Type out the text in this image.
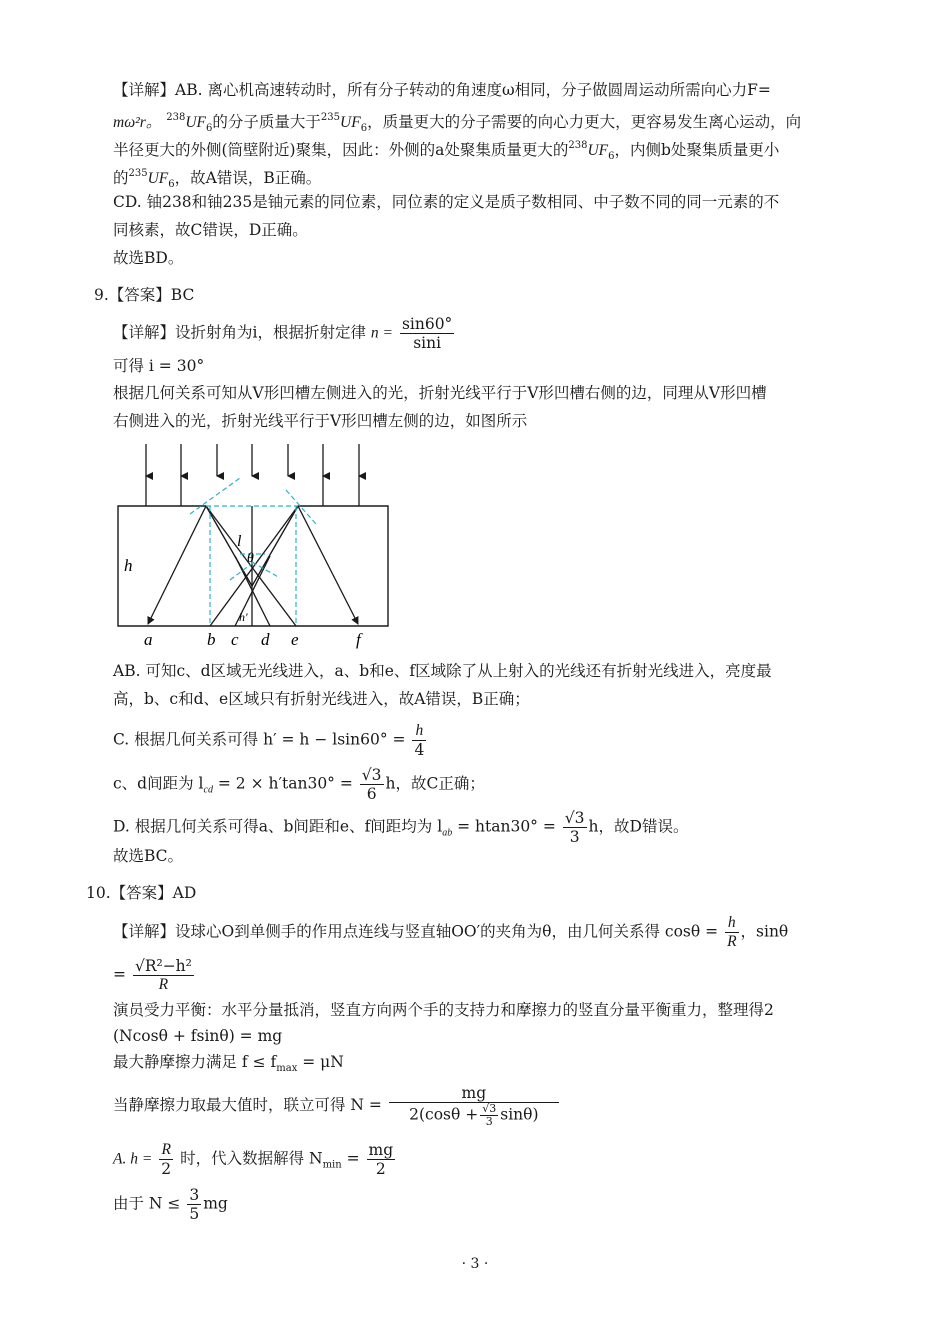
【详解】AB. 离心机高速转动时，所有分子转动的角速度ω相同，分子做圆周运动所需向心力F=
mω²r。 $^{238}UF_6$的分子质量大于$^{235}UF_6$，质量更大的分子需要的向心力更大，更容易发生离心运动，向
半径更大的外侧(筒壁附近)聚集，因此：外侧的a处聚集质量更大的$^{238}UF_6$，内侧b处聚集质量更小
的$^{235}UF_6$，故A错误，B正确。
CD. 铀238和铀235是铀元素的同位素，同位素的定义是质子数相同、中子数不同的同一元素的不
同核素，故C错误，D正确。
故选BD。
9.【答案】BC
【详解】设折射角为i，根据折射定律 $n = \frac{\sin 60^\circ}{\sin i}$
可得 i = 30°
根据几何关系可知从V形凹槽左侧进入的光，折射光线平行于V形凹槽右侧的边，同理从V形凹槽
右侧进入的光，折射光线平行于V形凹槽左侧的边，如图所示
h
l
θ
h′
a	b c d e	f
AB. 可知c、d区域无光线进入，a、b和e、f区域除了从上射入的光线还有折射光线进入，亮度最
高，b、c和d、e区域只有折射光线进入，故A错误，B正确；
C. 根据几何关系可得 $h' = h - lsin60^\circ = \frac{h}{4}$
c、d间距为 $l_{cd} = 2 \times h'\tan 30^\circ = \frac{√3}{6}$ h，故C正确；
D. 根据几何关系可得a、b间距和e、f间距均为 $l_{ab} = htan30^\circ = \frac{√3}{3}$ h，故D错误。
故选BC。
10.【答案】AD
【详解】设球心O到单侧手的作用点连线与竖直轴OO′的夹角为θ，由几何关系得 $\cos\theta = \frac{h}{R}$ ，sinθ
= $\frac{\text{√R²−h²}}{R}$
演员受力平衡：水平分量抵消，竖直方向两个手的支持力和摩擦力的竖直分量平衡重力，整理得2
(Ncosθ + fsinθ) = mg
最大静摩擦力满足 $f \le f_{max} = \mu N$
当静摩擦力取最大值时，联立可得 $N = \frac{mg}{2(\cos\theta + \frac{√3}{3} \sin\theta)}$
A. $h = \frac{R}{2}$ 时，代入数据解得 $N_{min} = \frac{mg}{2}$
由于 $N \le \frac{3}{5}$ mg
· 3 ·
